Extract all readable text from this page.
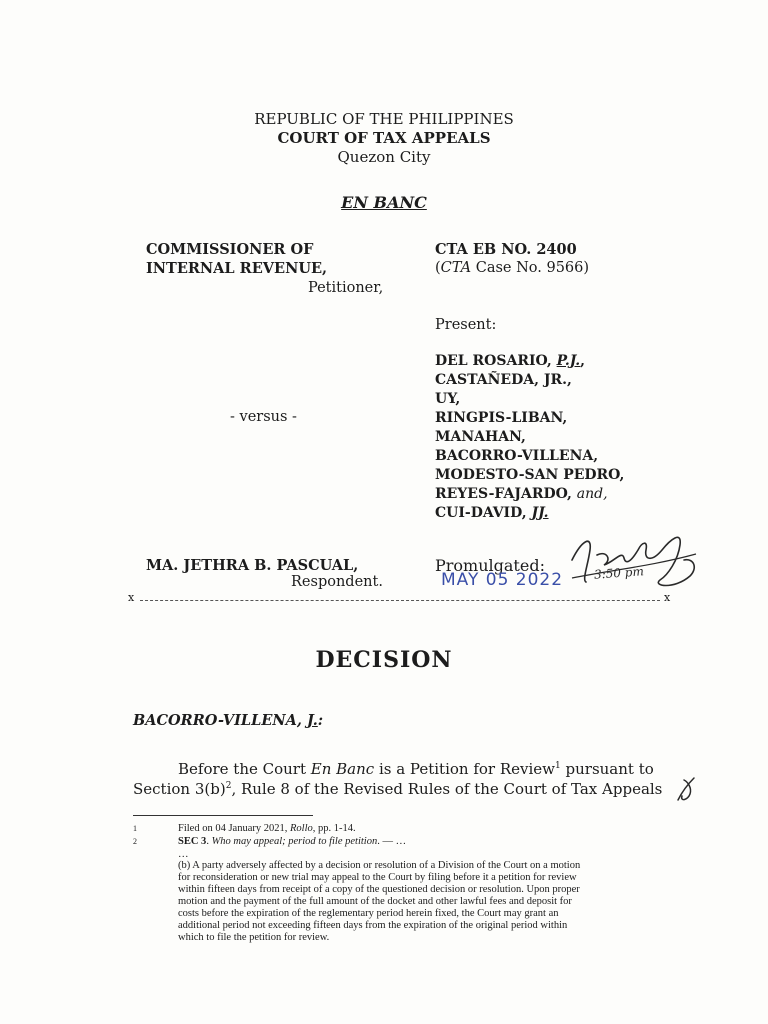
REPUBLIC OF THE PHILIPPINES
COURT OF TAX APPEALS
Quezon City
EN BANC
COMMISSIONER OF
INTERNAL REVENUE,
Petitioner,
CTA EB NO. 2400
(CTA Case No. 9566)
Present:
DEL ROSARIO, P.J.,
CASTAÑEDA, JR.,
UY,
RINGPIS-LIBAN,
MANAHAN,
BACORRO-VILLENA,
MODESTO-SAN PEDRO,
REYES-FAJARDO, and,
CUI-DAVID, JJ.
- versus -
MA. JETHRA B. PASCUAL,
Respondent.
Promulgated:
MAY 05 2022	3:50 pm
x	x
DECISION
BACORRO-VILLENA, J.:
Before the Court En Banc is a Petition for Review$^1$ pursuant to
Section $3(b)^2$, Rule 8 of the Revised Rules of the Court of Tax Appeals
1	Filed on 04 January 2021, Rollo, pp. 1-14.
2	SEC 3. Who may appeal; period to file petition. — …
…
(b) A party adversely affected by a decision or resolution of a Division of the Court on a motion
for reconsideration or new trial may appeal to the Court by filing before it a petition for review
within fifteen days from receipt of a copy of the questioned decision or resolution. Upon proper
motion and the payment of the full amount of the docket and other lawful fees and deposit for
costs before the expiration of the reglementary period herein fixed, the Court may grant an
additional period not exceeding fifteen days from the expiration of the original period within
which to file the petition for review.
